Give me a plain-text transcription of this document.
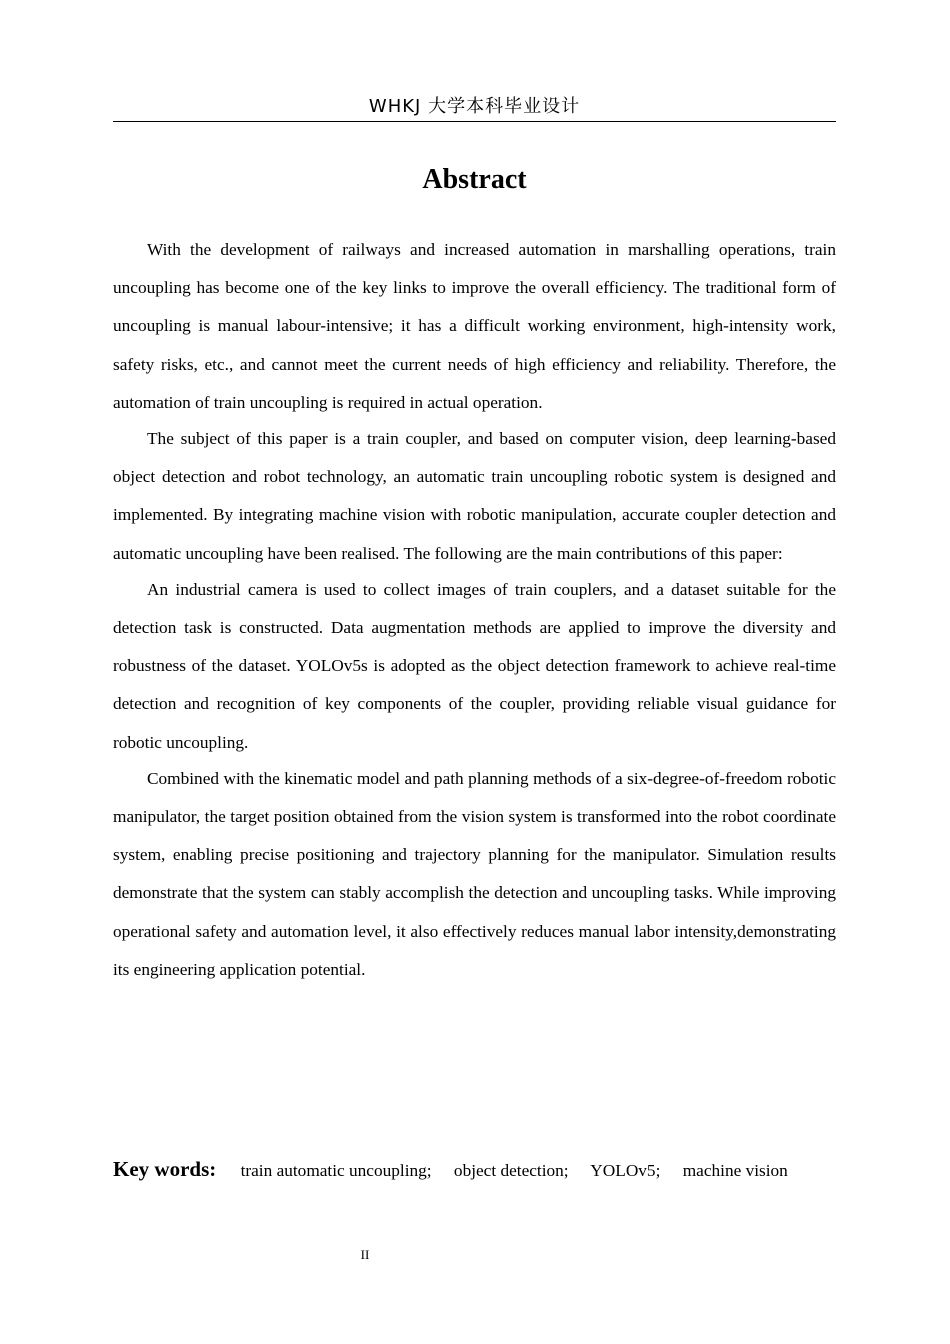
WHKJ 大学本科毕业设计
Abstract

With the development of railways and increased automation in marshalling operations, train uncoupling has become one of the key links to improve the overall efficiency. The traditional form of uncoupling is manual labour-intensive; it has a difficult working environment, high-intensity work, safety risks, etc., and cannot meet the current needs of high efficiency and reliability. Therefore, the automation of train uncoupling is required in actual operation.

The subject of this paper is a train coupler, and based on computer vision, deep learning-based object detection and robot technology, an automatic train uncoupling robotic system is designed and implemented. By integrating machine vision with robotic manipulation, accurate coupler detection and automatic uncoupling have been realised. The following are the main contributions of this paper:

An industrial camera is used to collect images of train couplers, and a dataset suitable for the detection task is constructed. Data augmentation methods are applied to improve the diversity and robustness of the dataset. YOLOv5s is adopted as the object detection framework to achieve real-time detection and recognition of key components of the coupler, providing reliable visual guidance for robotic uncoupling.

Combined with the kinematic model and path planning methods of a six-degree-of-freedom robotic manipulator, the target position obtained from the vision system is transformed into the robot coordinate system, enabling precise positioning and trajectory planning for the manipulator. Simulation results demonstrate that the system can stably accomplish the detection and uncoupling tasks. While improving operational safety and automation level, it also effectively reduces manual labor intensity,demonstrating its engineering application potential.

Key words: train automatic uncoupling; object detection; YOLOv5; machine vision
II
